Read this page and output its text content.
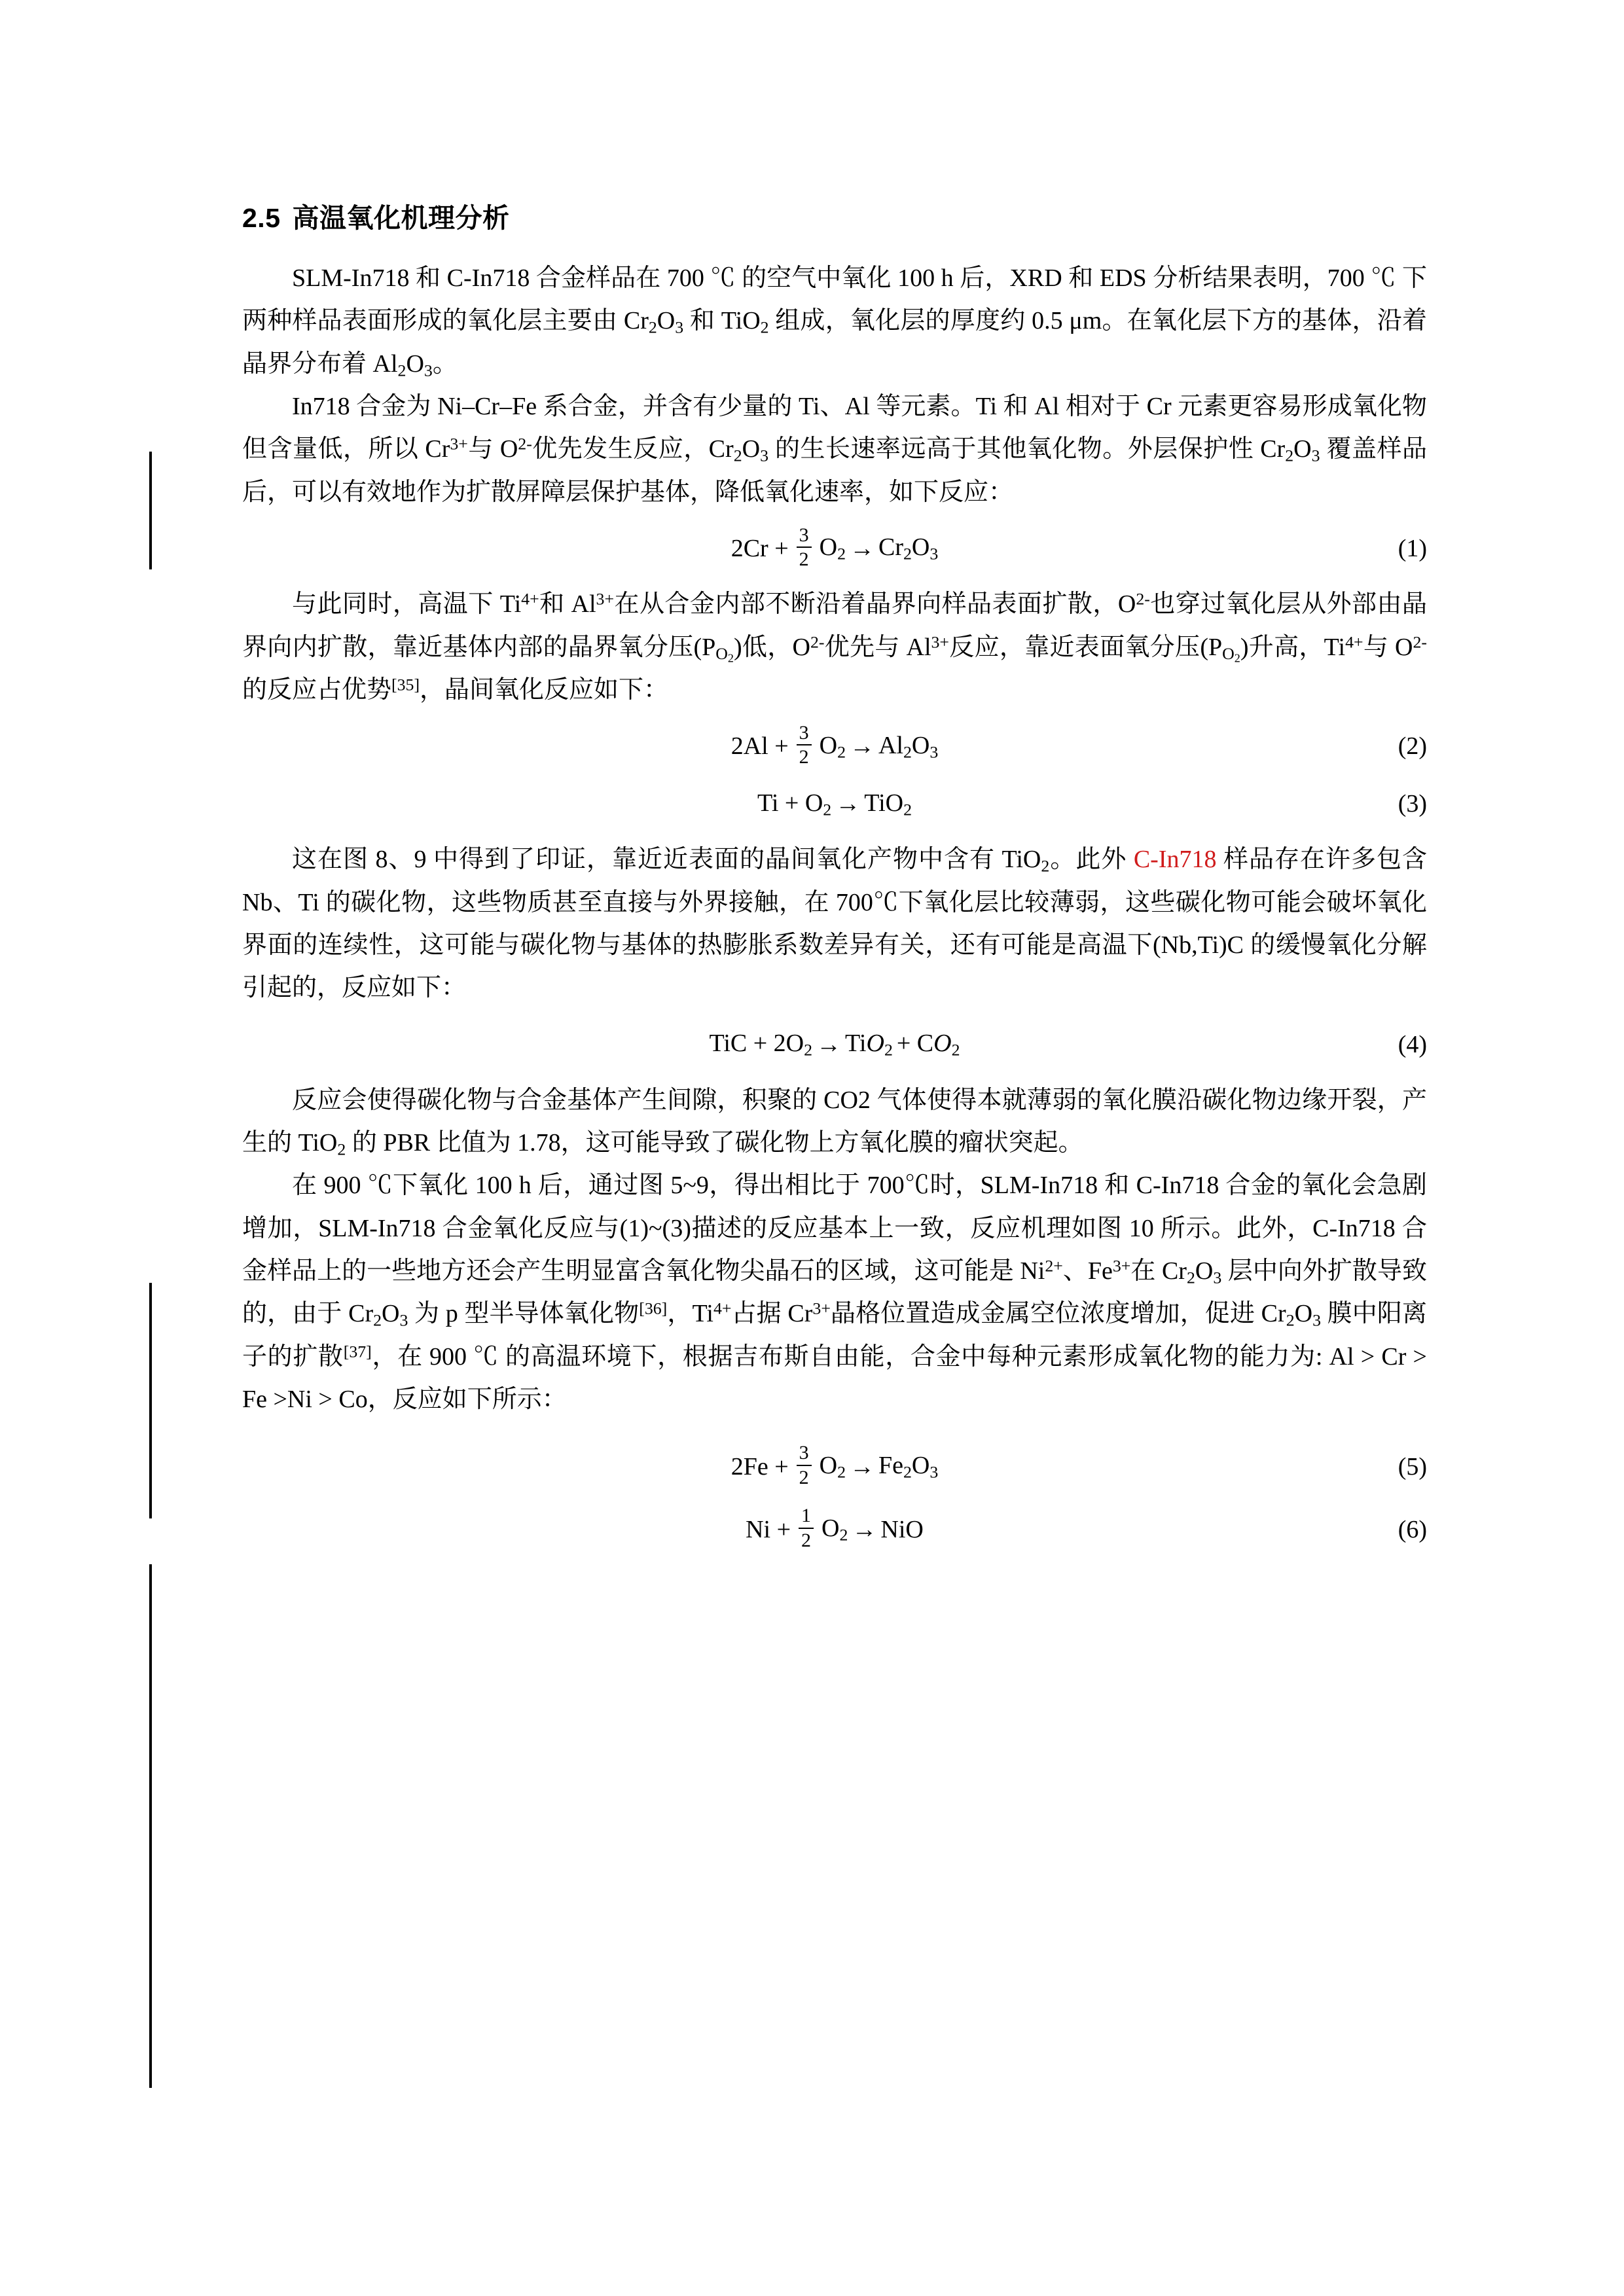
2.5 高温氧化机理分析

SLM-In718 和 C-In718 合金样品在 700 ℃ 的空气中氧化 100 h 后，XRD 和 EDS 分析结果表明，700 ℃ 下两种样品表面形成的氧化层主要由 $Cr_2O_3$ 和 TiO$_2$ 组成，氧化层的厚度约 0.5 μm。在氧化层下方的基体，沿着晶界分布着 $Al_2O_3$。

In718 合金为 Ni–Cr–Fe 系合金，并含有少量的 Ti、Al 等元素。Ti 和 Al 相对于 Cr 元素更容易形成氧化物但含量低，所以 $Cr^{3+}$与 $O^{2-}$优先发生反应，$Cr_2O_3$ 的生长速率远高于其他氧化物。外层保护性 $Cr_2O_3$ 覆盖样品后，可以有效地作为扩散屏障层保护基体，降低氧化速率，如下反应：

$2Cr + \frac{3}{2} O_2 \to Cr_2O_3$	(1)

与此同时，高温下 $Ti^{4+}$和 $Al^{3+}$在从合金内部不断沿着晶界向样品表面扩散，$O^{2-}$也穿过氧化层从外部由晶界向内扩散，靠近基体内部的晶界氧分压$(P_{O_2})$低，$O^{2-}$优先与 $Al^{3+}$反应，靠近表面氧分压$(P_{O_2})$升高，$Ti^{4+}$与 $O^{2-}$的反应占优势[35]，晶间氧化反应如下：

$2Al + \frac{3}{2} O_2 \to Al_2O_3$	(2)
$Ti + O_2 \to TiO_2$	(3)

这在图 8、9 中得到了印证，靠近近表面的晶间氧化产物中含有 TiO$_2$。此外 C-In718 样品存在许多包含 Nb、Ti 的碳化物，这些物质甚至直接与外界接触，在 700℃下氧化层比较薄弱，这些碳化物可能会破坏氧化界面的连续性，这可能与碳化物与基体的热膨胀系数差异有关，还有可能是高温下(Nb,Ti)C 的缓慢氧化分解引起的，反应如下：

TiC + $2O_2 \to TiO_2 + CO_2$	(4)

反应会使得碳化物与合金基体产生间隙，积聚的 CO2 气体使得本就薄弱的氧化膜沿碳化物边缘开裂，产生的 TiO$_2$ 的 PBR 比值为 1.78，这可能导致了碳化物上方氧化膜的瘤状突起。

在 900 ℃下氧化 100 h 后，通过图 5~9，得出相比于 700℃时，SLM-In718 和 C-In718 合金的氧化会急剧增加，SLM-In718 合金氧化反应与(1)~(3)描述的反应基本上一致，反应机理如图 10 所示。此外，C-In718 合金样品上的一些地方还会产生明显富含氧化物尖晶石的区域，这可能是 $Ni^{2+}$、$Fe^{3+}$在 $Cr_2O_3$ 层中向外扩散导致的，由于 $Cr_2O_3$ 为 p 型半导体氧化物[36]，$Ti^{4+}$占据 $Cr^{3+}$晶格位置造成金属空位浓度增加，促进 $Cr_2O_3$ 膜中阳离子的扩散[37]，在 900 ℃ 的高温环境下，根据吉布斯自由能，合金中每种元素形成氧化物的能力为: Al > Cr > Fe >Ni > Co，反应如下所示：

$2Fe + \frac{3}{2} O_2 \to Fe_2O_3$	(5)
$Ni + \frac{1}{2} O_2$ → NiO	(6)
